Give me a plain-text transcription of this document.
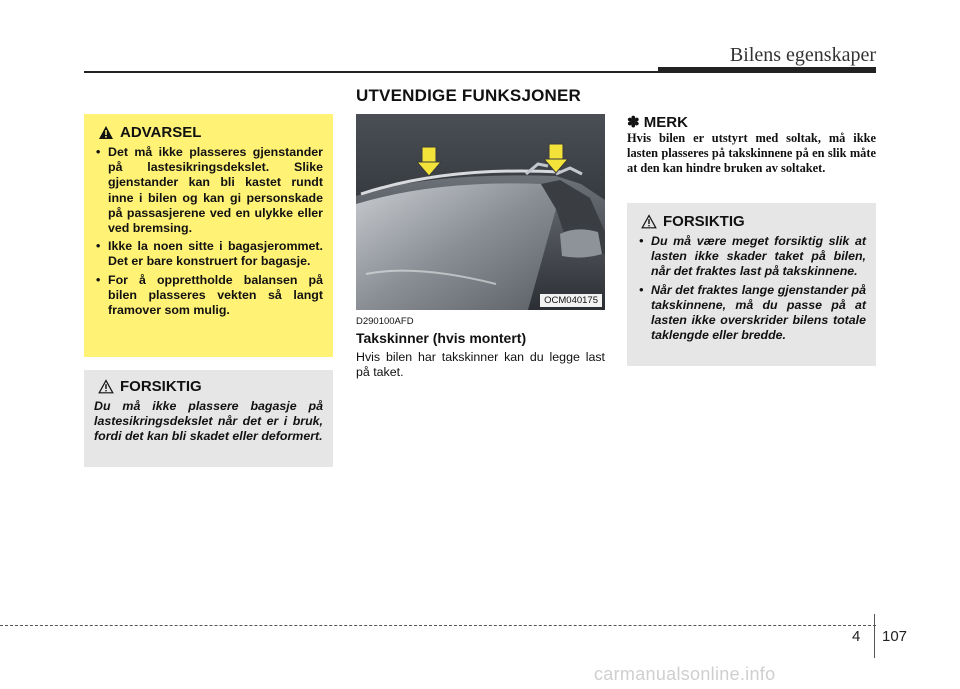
Bilens egenskaper
UTVENDIGE FUNKSJONER
ADVARSEL
• Det må ikke plasseres gjenstander på lastesikringsdekslet. Slike gjenstander kan bli kastet rundt inne i bilen og kan gi personskade på passasjerene ved en ulykke eller ved bremsing.
• Ikke la noen sitte i bagasjerommet. Det er bare konstruert for bagasje.
• For å opprettholde balansen på bilen plasseres vekten så langt framover som mulig.
FORSIKTIG

Du må ikke plassere bagasje på lastesikringsdekslet når det er i bruk, fordi det kan bli skadet eller deformert.

OCM040175
D290100AFD
Takskinner (hvis montert)
Hvis bilen har takskinner kan du legge last på taket.
✽ MERK
Hvis bilen er utstyrt med soltak, må ikke lasten plasseres på takskinnene på en slik måte at den kan hindre bruken av soltaket.
FORSIKTIG
• Du må være meget forsiktig slik at lasten ikke skader taket på bilen, når det fraktes last på takskinnene.
• Når det fraktes lange gjenstander på takskinnene, må du passe på at lasten ikke overskrider bilens totale taklengde eller bredde.
4 107
carmanualsonline.info
